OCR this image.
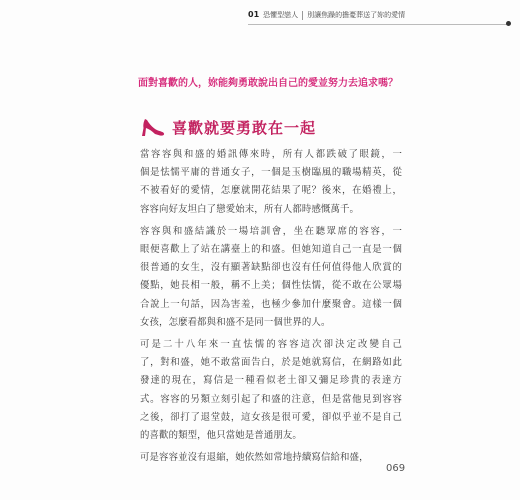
01 恐懼型戀人 別讓焦躁的擔憂葬送了妳的愛情
面對喜歡的人，妳能夠勇敢說出自己的愛並努力去追求嗎？
喜歡就要勇敢在一起
當容容與和盛的婚訊傳來時，所有人都跌破了眼鏡，一
個是怯懦平庸的普通女子，一個是玉樹臨風的職場精英，從
不被看好的愛情，怎麼就開花結果了呢？後來，在婚禮上，
容容向好友坦白了戀愛始末，所有人都時感慨萬千。
容容與和盛結識於一場培訓會，坐在聽眾席的容容，一
眼便喜歡上了站在講臺上的和盛。但她知道自己一直是一個
很普通的女生，沒有顯著缺點卻也沒有任何值得他人欣賞的
優點，她長相一般，稱不上美；個性怯懦，從不敢在公眾場
合說上一句話，因為害羞，也極少參加什麼聚會。這樣一個
女孩，怎麼看都與和盛不是同一個世界的人。
可是二十八年來一直怯懦的容容這次卻決定改變自己
了，對和盛，她不敢當面告白，於是她就寫信，在網路如此
發達的現在，寫信是一種看似老土卻又彌足珍貴的表達方
式。容容的另類立刻引起了和盛的注意，但是當他見到容容
之後，卻打了退堂鼓，這女孩是很可愛，卻似乎並不是自己
的喜歡的類型，他只當她是普通朋友。
可是容容並沒有退縮，她依然如常地持續寫信給和盛，
069
